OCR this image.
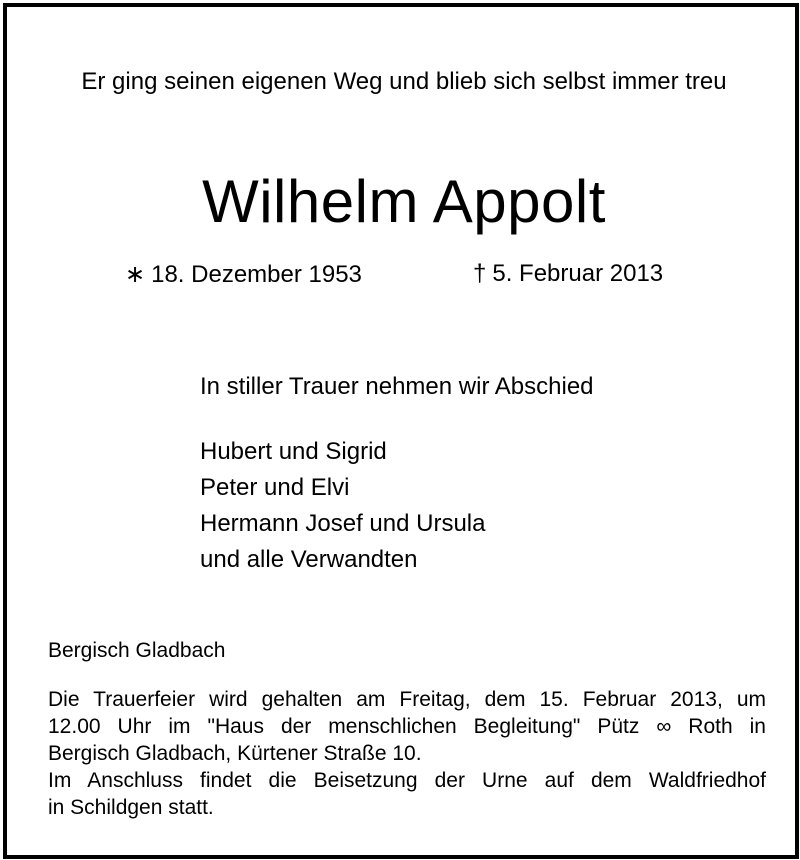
Er ging seinen eigenen Weg und blieb sich selbst immer treu
Wilhelm Appolt
∗ 18. Dezember 1953	† 5. Februar 2013
In stiller Trauer nehmen wir Abschied
Hubert und Sigrid
Peter und Elvi
Hermann Josef und Ursula
und alle Verwandten
Bergisch Gladbach
Die Trauerfeier wird gehalten am Freitag, dem 15. Februar 2013, um
12.00 Uhr im "Haus der menschlichen Begleitung" Pütz ∞ Roth in
Bergisch Gladbach, Kürtener Straße 10.
Im Anschluss findet die Beisetzung der Urne auf dem Waldfriedhof
in Schildgen statt.
